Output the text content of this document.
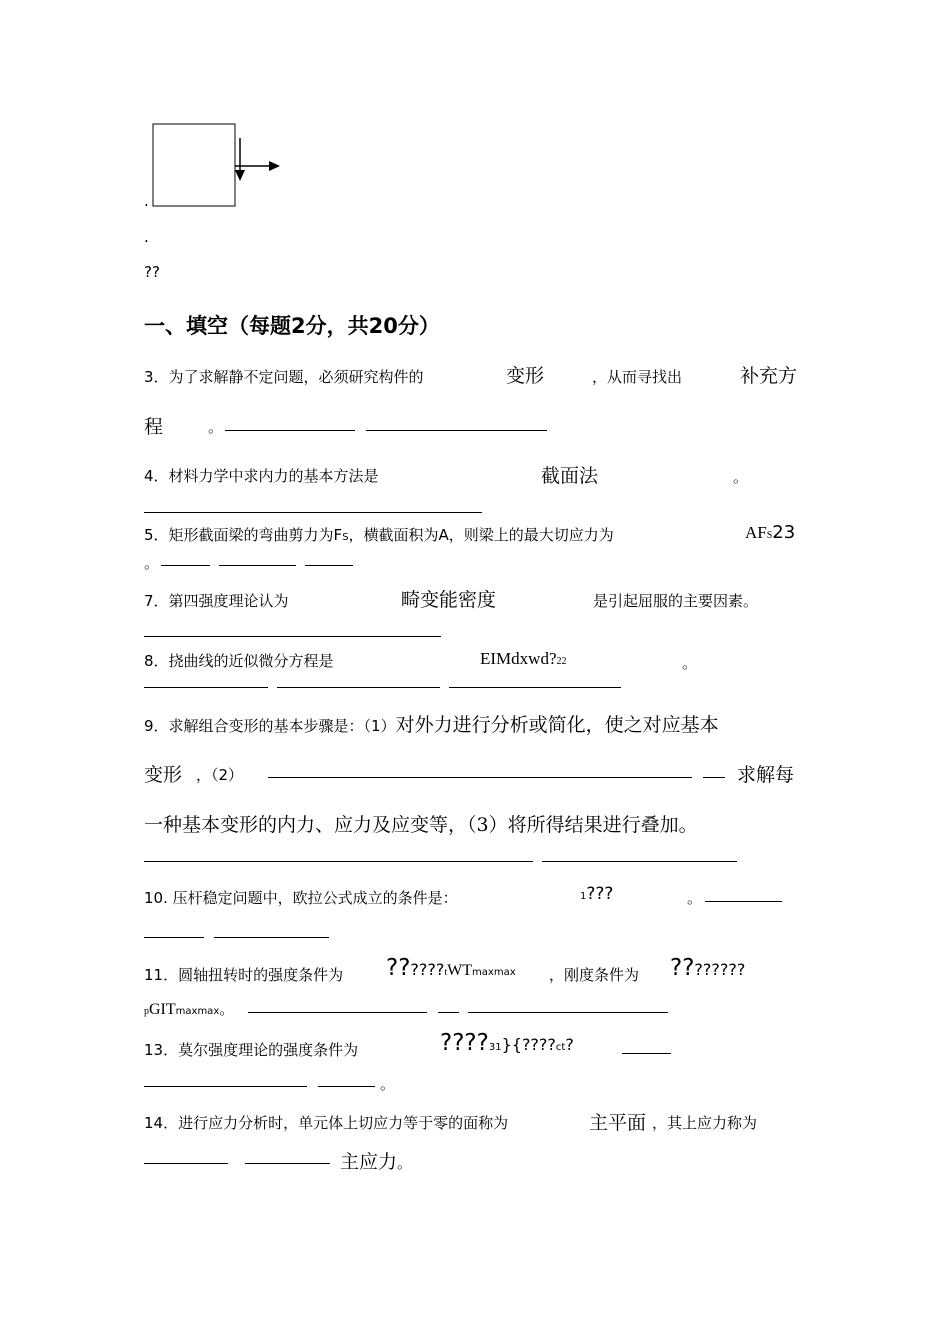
.
.
??
一、填空（每题2分，共20分）
3．为了求解静不定问题，必须研究构件的	变形	，从而寻找出	补充方
程	。
4．材料力学中求内力的基本方法是	截面法	。
5．矩形截面梁的弯曲剪力为FS，横截面积为A，则梁上的最大切应力为	AFS23
。
7．第四强度理论认为	畸变能密度	是引起屈服的主要因素。
8．挠曲线的近似微分方程是	EIMdxwd?22	。
9．求解组合变形的基本步骤是：（1）对外力进行分析或简化，使之对应基本
变形 ，（2）	求解每
一种基本变形的内力、应力及应变等，（3）将所得结果进行叠加。
10. 压杆稳定问题中，欧拉公式成立的条件是：	1???	。
11．圆轴扭转时的强度条件为 ??????tWTmaxmax ，刚度条件为 ????????
pGITmaxmax。
13．莫尔强度理论的强度条件为	????31}{????ct?
。
14．进行应力分析时，单元体上切应力等于零的面称为	主平面 ，其上应力称为
主应力。
